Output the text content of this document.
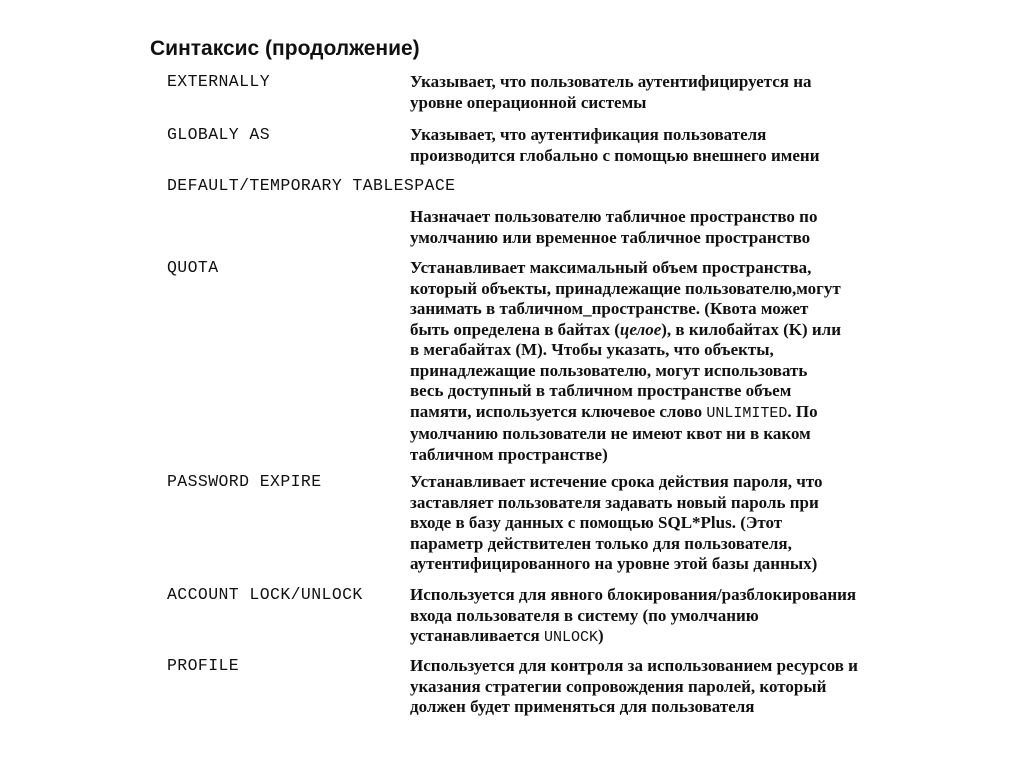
Синтаксис (продолжение)
EXTERNALLY	Указывает, что пользователь аутентифицируется на
уровне операционной системы
GLOBALY AS	Указывает, что аутентификация пользователя
производится глобально с помощью внешнего имени
DEFAULT/TEMPORARY TABLESPACE
Назначает пользователю табличное пространство по
умолчанию или временное табличное пространство
QUOTA	Устанавливает максимальный объем пространства,
который объекты, принадлежащие пользователю,могут
занимать в табличном_пространстве. (Квота может
быть определена в байтах (целое), в килобайтах (K) или
в мегабайтах (M). Чтобы указать, что объекты,
принадлежащие пользователю, могут использовать
весь доступный в табличном пространстве объем
памяти, используется ключевое слово UNLIMITED. По
умолчанию пользователи не имеют квот ни в каком
табличном пространстве)
PASSWORD EXPIRE	Устанавливает истечение срока действия пароля, что
заставляет пользователя задавать новый пароль при
входе в базу данных с помощью SQL*Plus. (Этот
параметр действителен только для пользователя,
аутентифицированного на уровне этой базы данных)
ACCOUNT LOCK/UNLOCK	Используется для явного блокирования/разблокирования
входа пользователя в систему (по умолчанию
устанавливается UNLOCK)
PROFILE	Используется для контроля за использованием ресурсов и
указания стратегии сопровождения паролей, который
должен будет применяться для пользователя
